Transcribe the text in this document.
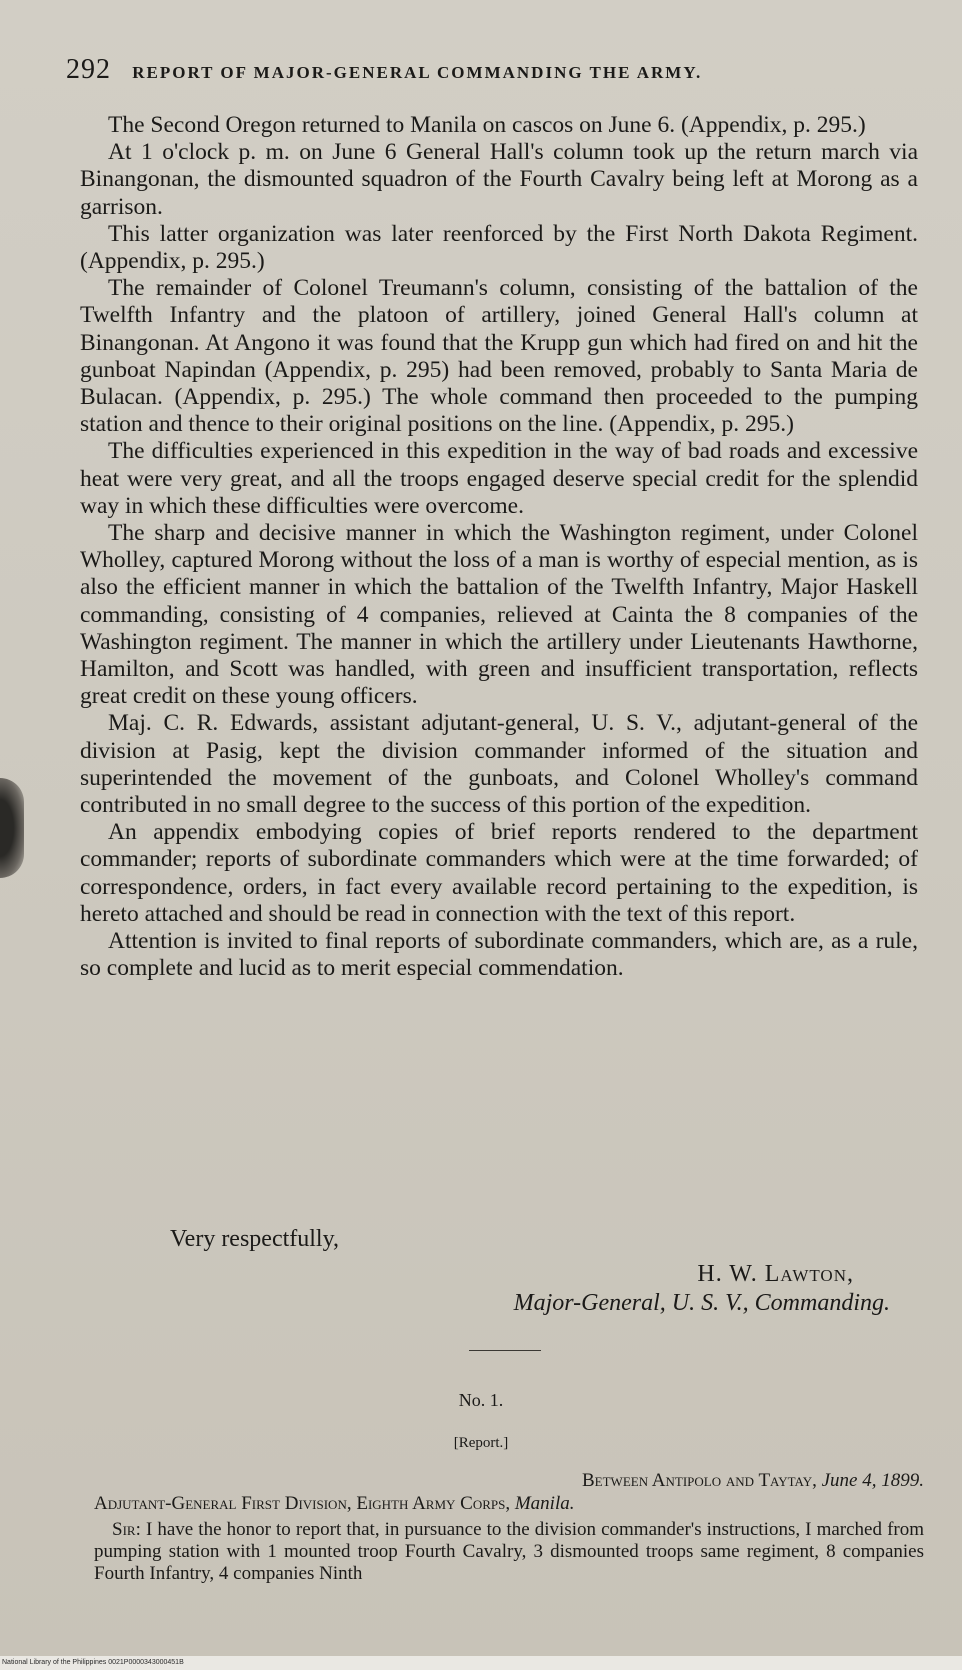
292 REPORT OF MAJOR-GENERAL COMMANDING THE ARMY.

The Second Oregon returned to Manila on cascos on June 6. (Appendix, p. 295.)

At 1 o'clock p. m. on June 6 General Hall's column took up the return march via Binangonan, the dismounted squadron of the Fourth Cavalry being left at Morong as a garrison.

This latter organization was later reenforced by the First North Dakota Regiment. (Appendix, p. 295.)

The remainder of Colonel Treumann's column, consisting of the battalion of the Twelfth Infantry and the platoon of artillery, joined General Hall's column at Binangonan. At Angono it was found that the Krupp gun which had fired on and hit the gunboat Napindan (Appendix, p. 295) had been removed, probably to Santa Maria de Bulacan. (Appendix, p. 295.) The whole command then proceeded to the pumping station and thence to their original positions on the line. (Appendix, p. 295.)

The difficulties experienced in this expedition in the way of bad roads and excessive heat were very great, and all the troops engaged deserve special credit for the splendid way in which these difficulties were overcome.

The sharp and decisive manner in which the Washington regiment, under Colonel Wholley, captured Morong without the loss of a man is worthy of especial mention, as is also the efficient manner in which the battalion of the Twelfth Infantry, Major Haskell commanding, consisting of 4 companies, relieved at Cainta the 8 companies of the Washington regiment. The manner in which the artillery under Lieutenants Hawthorne, Hamilton, and Scott was handled, with green and insufficient transportation, reflects great credit on these young officers.

Maj. C. R. Edwards, assistant adjutant-general, U. S. V., adjutant-general of the division at Pasig, kept the division commander informed of the situation and superintended the movement of the gunboats, and Colonel Wholley's command contributed in no small degree to the success of this portion of the expedition.

An appendix embodying copies of brief reports rendered to the department commander; reports of subordinate commanders which were at the time forwarded; of correspondence, orders, in fact every available record pertaining to the expedition, is hereto attached and should be read in connection with the text of this report.

Attention is invited to final reports of subordinate commanders, which are, as a rule, so complete and lucid as to merit especial commendation.

Very respectfully,
H. W. Lawton,
Major-General, U. S. V., Commanding.
No. 1.
[Report.]
Between Antipolo and Taytay, June 4, 1899.
Adjutant-General First Division, Eighth Army Corps, Manila.
Sir: I have the honor to report that, in pursuance to the division commander's instructions, I marched from pumping station with 1 mounted troop Fourth Cavalry, 3 dismounted troops same regiment, 8 companies Fourth Infantry, 4 companies Ninth
National Library of the Philippines 0021P0000343000451B
